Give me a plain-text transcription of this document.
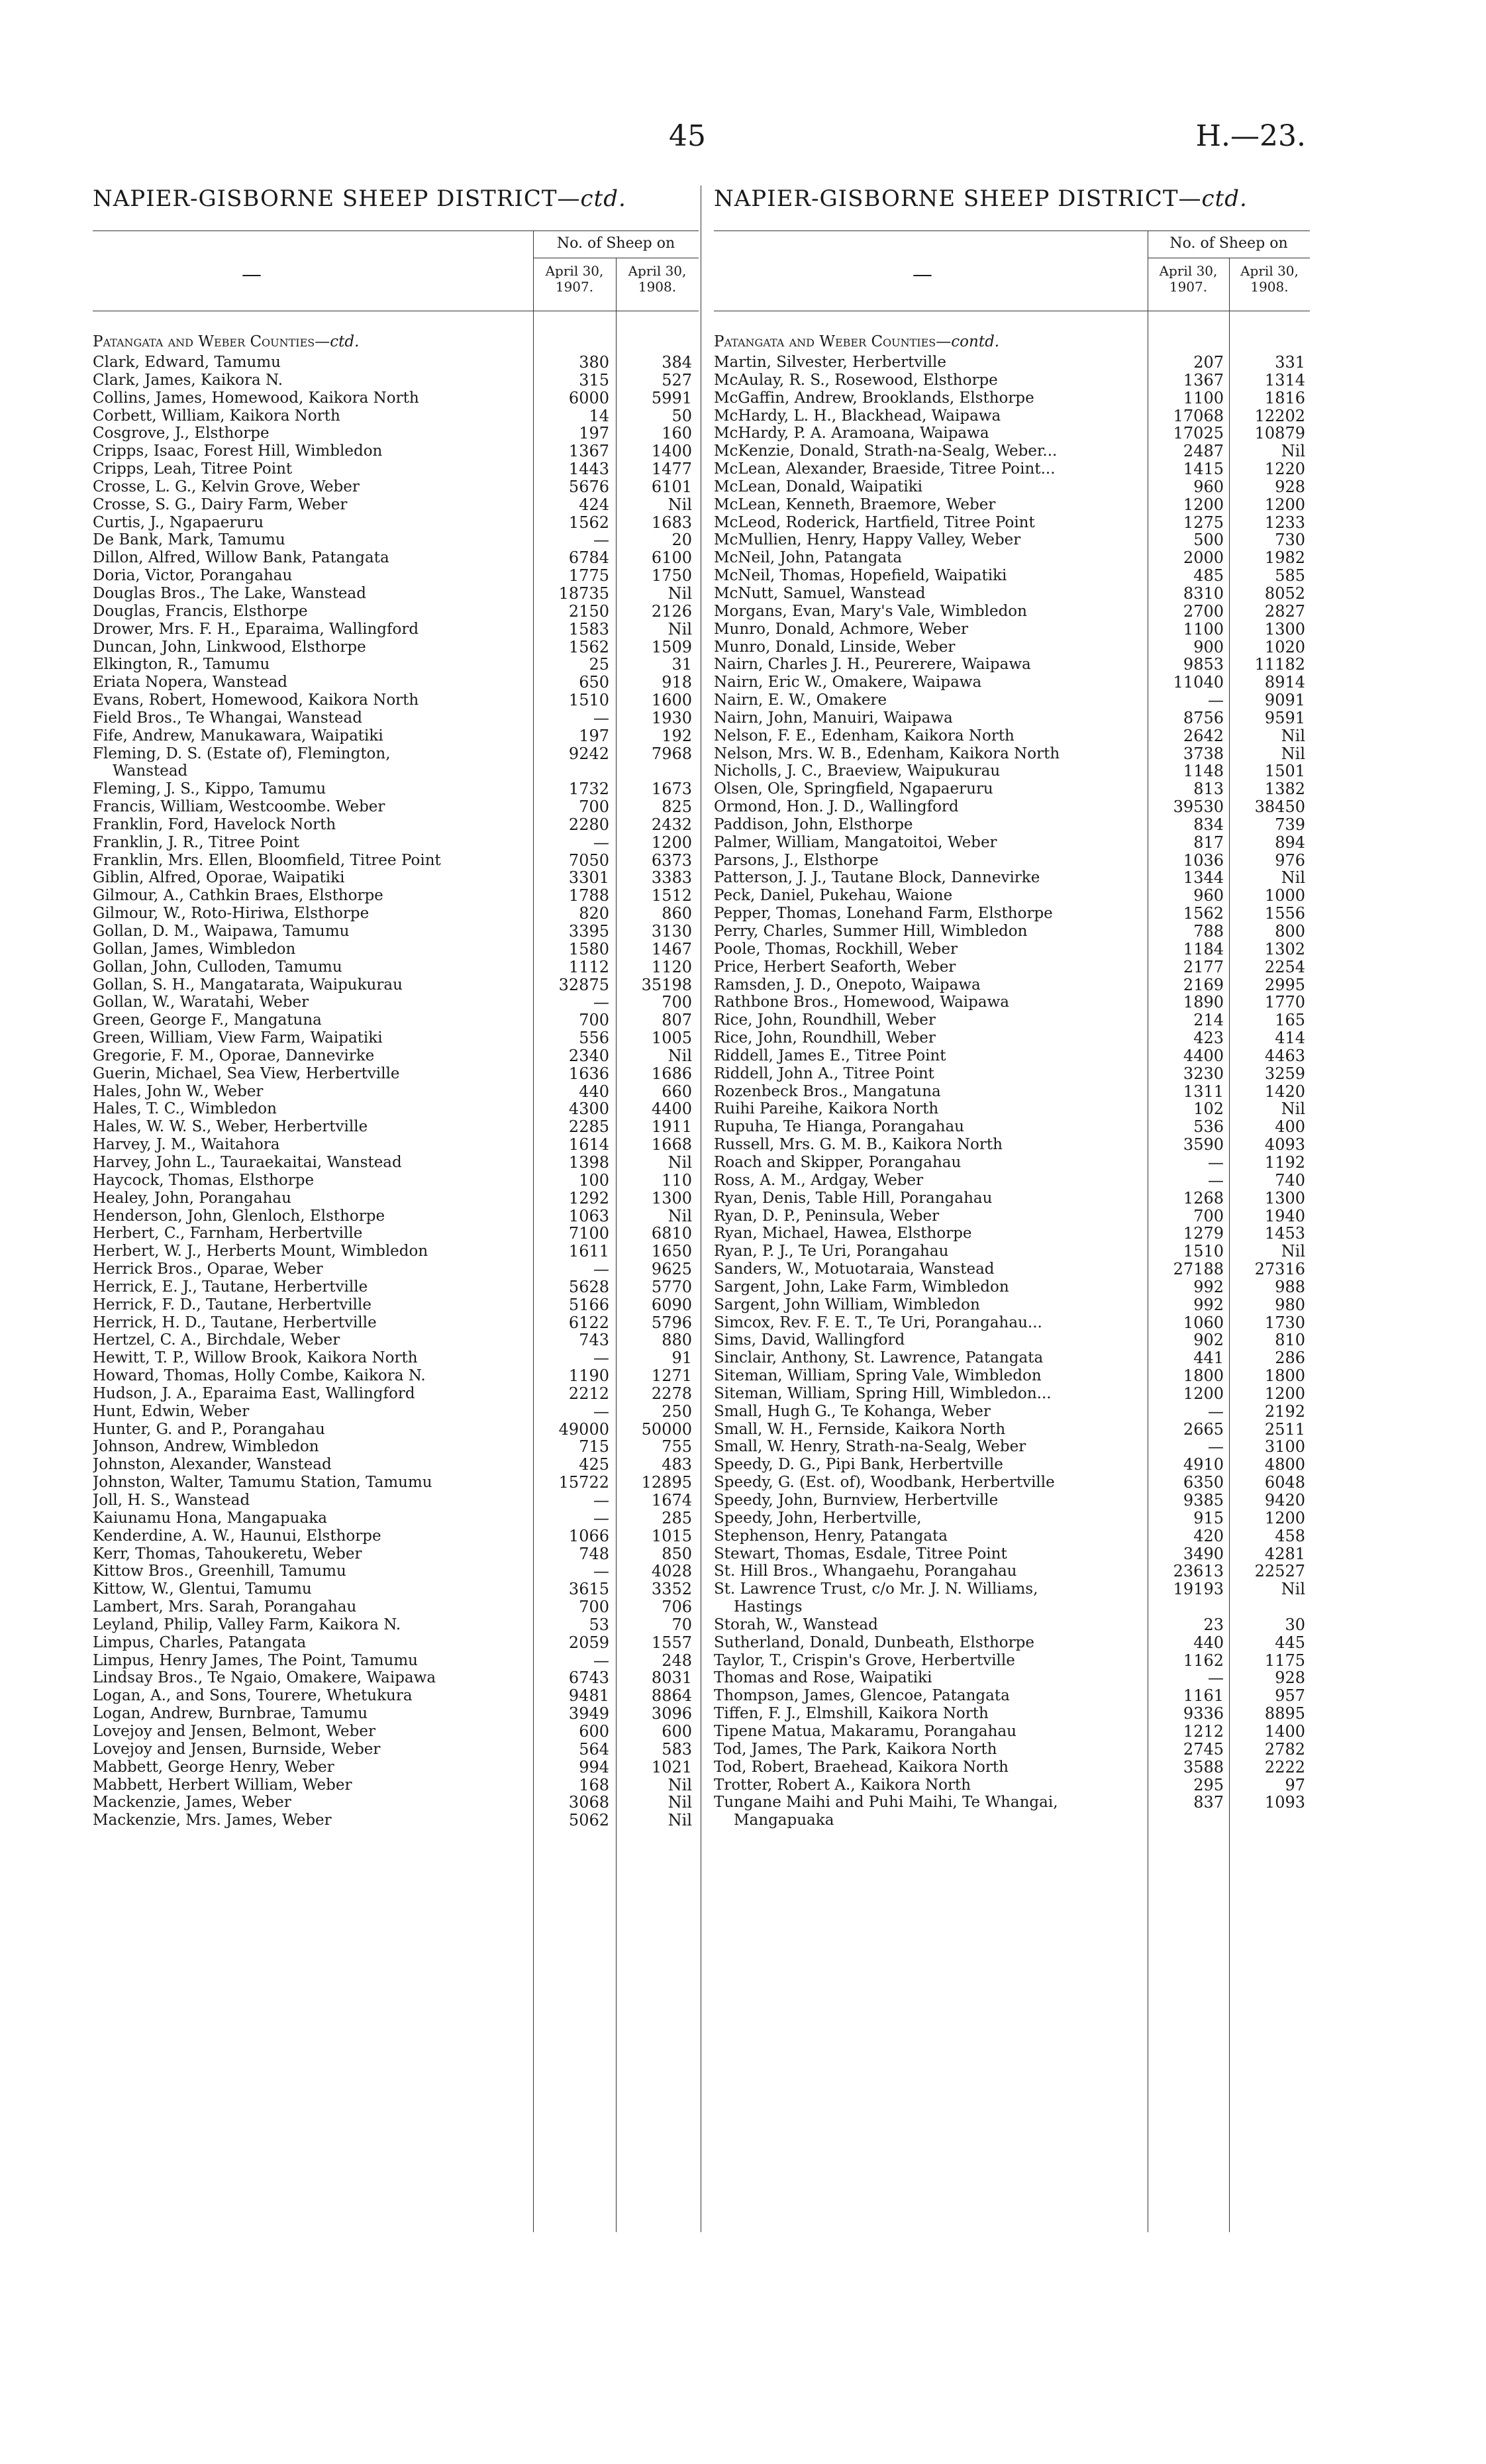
45	H.—23.
NAPIER-GISBORNE SHEEP DISTRICT—ctd.
—
No. of Sheep on
April 30, 1907.
April 30, 1908.
Patangata and Weber Counties—ctd.
Clark, Edward, Tamumu	380	384
Clark, James, Kaikora N.	315	527
Collins, James, Homewood, Kaikora North	6000	5991
Corbett, William, Kaikora North	14	50
Cosgrove, J., Elsthorpe	197	160
Cripps, Isaac, Forest Hill, Wimbledon	1367	1400
Cripps, Leah, Titree Point	1443	1477
Crosse, L. G., Kelvin Grove, Weber	5676	6101
Crosse, S. G., Dairy Farm, Weber	424	Nil
Curtis, J., Ngapaeruru	1562	1683
De Bank, Mark, Tamumu	—	20
Dillon, Alfred, Willow Bank, Patangata	6784	6100
Doria, Victor, Porangahau	1775	1750
Douglas Bros., The Lake, Wanstead	18735	Nil
Douglas, Francis, Elsthorpe	2150	2126
Drower, Mrs. F. H., Eparaima, Wallingford	1583	Nil
Duncan, John, Linkwood, Elsthorpe	1562	1509
Elkington, R., Tamumu	25	31
Eriata Nopera, Wanstead	650	918
Evans, Robert, Homewood, Kaikora North	1510	1600
Field Bros., Te Whangai, Wanstead	—	1930
Fife, Andrew, Manukawara, Waipatiki	197	192
Fleming, D. S. (Estate of), Flemington,	9242	7968
Wanstead
Fleming, J. S., Kippo, Tamumu	1732	1673
Francis, William, Westcoombe. Weber	700	825
Franklin, Ford, Havelock North	2280	2432
Franklin, J. R., Titree Point	—	1200
Franklin, Mrs. Ellen, Bloomfield, Titree Point	7050	6373
Giblin, Alfred, Oporae, Waipatiki	3301	3383
Gilmour, A., Cathkin Braes, Elsthorpe	1788	1512
Gilmour, W., Roto-Hiriwa, Elsthorpe	820	860
Gollan, D. M., Waipawa, Tamumu	3395	3130
Gollan, James, Wimbledon	1580	1467
Gollan, John, Culloden, Tamumu	1112	1120
Gollan, S. H., Mangatarata, Waipukurau	32875	35198
Gollan, W., Waratahi, Weber	—	700
Green, George F., Mangatuna	700	807
Green, William, View Farm, Waipatiki	556	1005
Gregorie, F. M., Oporae, Dannevirke	2340	Nil
Guerin, Michael, Sea View, Herbertville	1636	1686
Hales, John W., Weber	440	660
Hales, T. C., Wimbledon	4300	4400
Hales, W. W. S., Weber, Herbertville	2285	1911
Harvey, J. M., Waitahora	1614	1668
Harvey, John L., Tauraekaitai, Wanstead	1398	Nil
Haycock, Thomas, Elsthorpe	100	110
Healey, John, Porangahau	1292	1300
Henderson, John, Glenloch, Elsthorpe	1063	Nil
Herbert, C., Farnham, Herbertville	7100	6810
Herbert, W. J., Herberts Mount, Wimbledon	1611	1650
Herrick Bros., Oparae, Weber	—	9625
Herrick, E. J., Tautane, Herbertville	5628	5770
Herrick, F. D., Tautane, Herbertville	5166	6090
Herrick, H. D., Tautane, Herbertville	6122	5796
Hertzel, C. A., Birchdale, Weber	743	880
Hewitt, T. P., Willow Brook, Kaikora North	—	91
Howard, Thomas, Holly Combe, Kaikora N.	1190	1271
Hudson, J. A., Eparaima East, Wallingford	2212	2278
Hunt, Edwin, Weber	—	250
Hunter, G. and P., Porangahau	49000	50000
Johnson, Andrew, Wimbledon	715	755
Johnston, Alexander, Wanstead	425	483
Johnston, Walter, Tamumu Station, Tamumu	15722	12895
Joll, H. S., Wanstead	—	1674
Kaiunamu Hona, Mangapuaka	—	285
Kenderdine, A. W., Haunui, Elsthorpe	1066	1015
Kerr, Thomas, Tahoukeretu, Weber	748	850
Kittow Bros., Greenhill, Tamumu	—	4028
Kittow, W., Glentui, Tamumu	3615	3352
Lambert, Mrs. Sarah, Porangahau	700	706
Leyland, Philip, Valley Farm, Kaikora N.	53	70
Limpus, Charles, Patangata	2059	1557
Limpus, Henry James, The Point, Tamumu	—	248
Lindsay Bros., Te Ngaio, Omakere, Waipawa	6743	8031
Logan, A., and Sons, Tourere, Whetukura	9481	8864
Logan, Andrew, Burnbrae, Tamumu	3949	3096
Lovejoy and Jensen, Belmont, Weber	600	600
Lovejoy and Jensen, Burnside, Weber	564	583
Mabbett, George Henry, Weber	994	1021
Mabbett, Herbert William, Weber	168	Nil
Mackenzie, James, Weber	3068	Nil
Mackenzie, Mrs. James, Weber	5062	Nil
NAPIER-GISBORNE SHEEP DISTRICT—ctd.
—
No. of Sheep on
April 30, 1907.
April 30, 1908.
Patangata and Weber Counties—contd.
Martin, Silvester, Herbertville	207	331
McAulay, R. S., Rosewood, Elsthorpe	1367	1314
McGaffin, Andrew, Brooklands, Elsthorpe	1100	1816
McHardy, L. H., Blackhead, Waipawa	17068	12202
McHardy, P. A. Aramoana, Waipawa	17025	10879
McKenzie, Donald, Strath-na-Sealg, Weber...	2487	Nil
McLean, Alexander, Braeside, Titree Point...	1415	1220
McLean, Donald, Waipatiki	960	928
McLean, Kenneth, Braemore, Weber	1200	1200
McLeod, Roderick, Hartfield, Titree Point	1275	1233
McMullien, Henry, Happy Valley, Weber	500	730
McNeil, John, Patangata	2000	1982
McNeil, Thomas, Hopefield, Waipatiki	485	585
McNutt, Samuel, Wanstead	8310	8052
Morgans, Evan, Mary's Vale, Wimbledon	2700	2827
Munro, Donald, Achmore, Weber	1100	1300
Munro, Donald, Linside, Weber	900	1020
Nairn, Charles J. H., Peurerere, Waipawa	9853	11182
Nairn, Eric W., Omakere, Waipawa	11040	8914
Nairn, E. W., Omakere	—	9091
Nairn, John, Manuiri, Waipawa	8756	9591
Nelson, F. E., Edenham, Kaikora North	2642	Nil
Nelson, Mrs. W. B., Edenham, Kaikora North	3738	Nil
Nicholls, J. C., Braeview, Waipukurau	1148	1501
Olsen, Ole, Springfield, Ngapaeruru	813	1382
Ormond, Hon. J. D., Wallingford	39530	38450
Paddison, John, Elsthorpe	834	739
Palmer, William, Mangatoitoi, Weber	817	894
Parsons, J., Elsthorpe	1036	976
Patterson, J. J., Tautane Block, Dannevirke	1344	Nil
Peck, Daniel, Pukehau, Waione	960	1000
Pepper, Thomas, Lonehand Farm, Elsthorpe	1562	1556
Perry, Charles, Summer Hill, Wimbledon	788	800
Poole, Thomas, Rockhill, Weber	1184	1302
Price, Herbert Seaforth, Weber	2177	2254
Ramsden, J. D., Onepoto, Waipawa	2169	2995
Rathbone Bros., Homewood, Waipawa	1890	1770
Rice, John, Roundhill, Weber	214	165
Rice, John, Roundhill, Weber	423	414
Riddell, James E., Titree Point	4400	4463
Riddell, John A., Titree Point	3230	3259
Rozenbeck Bros., Mangatuna	1311	1420
Ruihi Pareihe, Kaikora North	102	Nil
Rupuha, Te Hianga, Porangahau	536	400
Russell, Mrs. G. M. B., Kaikora North	3590	4093
Roach and Skipper, Porangahau	—	1192
Ross, A. M., Ardgay, Weber	—	740
Ryan, Denis, Table Hill, Porangahau	1268	1300
Ryan, D. P., Peninsula, Weber	700	1940
Ryan, Michael, Hawea, Elsthorpe	1279	1453
Ryan, P. J., Te Uri, Porangahau	1510	Nil
Sanders, W., Motuotaraia, Wanstead	27188	27316
Sargent, John, Lake Farm, Wimbledon	992	988
Sargent, John William, Wimbledon	992	980
Simcox, Rev. F. E. T., Te Uri, Porangahau...	1060	1730
Sims, David, Wallingford	902	810
Sinclair, Anthony, St. Lawrence, Patangata	441	286
Siteman, William, Spring Vale, Wimbledon	1800	1800
Siteman, William, Spring Hill, Wimbledon...	1200	1200
Small, Hugh G., Te Kohanga, Weber	—	2192
Small, W. H., Fernside, Kaikora North	2665	2511
Small, W. Henry, Strath-na-Sealg, Weber	—	3100
Speedy, D. G., Pipi Bank, Herbertville	4910	4800
Speedy, G. (Est. of), Woodbank, Herbertville	6350	6048
Speedy, John, Burnview, Herbertville	9385	9420
Speedy, John, Herbertville,	915	1200
Stephenson, Henry, Patangata	420	458
Stewart, Thomas, Esdale, Titree Point	3490	4281
St. Hill Bros., Whangaehu, Porangahau	23613	22527
St. Lawrence Trust, c/o Mr. J. N. Williams,	19193	Nil
Hastings
Storah, W., Wanstead	23	30
Sutherland, Donald, Dunbeath, Elsthorpe	440	445
Taylor, T., Crispin's Grove, Herbertville	1162	1175
Thomas and Rose, Waipatiki	—	928
Thompson, James, Glencoe, Patangata	1161	957
Tiffen, F. J., Elmshill, Kaikora North	9336	8895
Tipene Matua, Makaramu, Porangahau	1212	1400
Tod, James, The Park, Kaikora North	2745	2782
Tod, Robert, Braehead, Kaikora North	3588	2222
Trotter, Robert A., Kaikora North	295	97
Tungane Maihi and Puhi Maihi, Te Whangai,	837	1093
Mangapuaka
